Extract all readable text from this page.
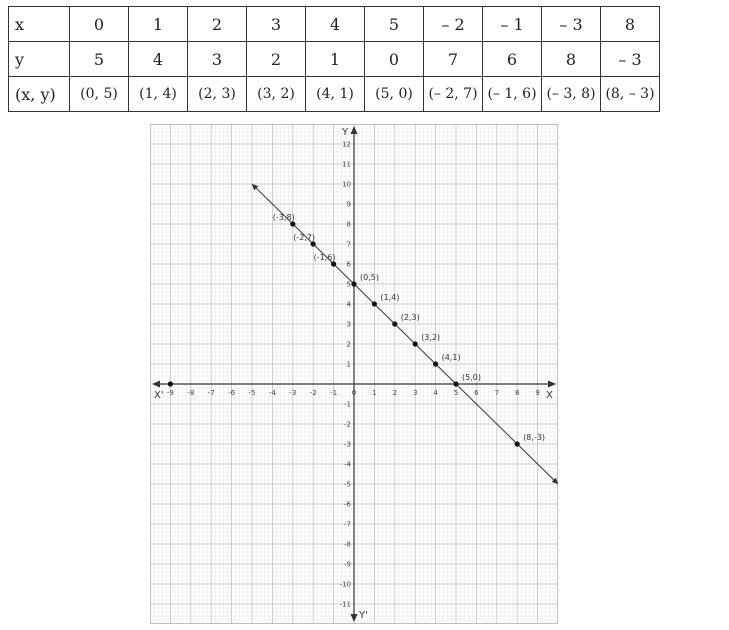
x	0	1	2	3	4	5	– 2	– 1	– 3	8
y	5	4	3	2	1	0	7	6	8	– 3
(x, y)	(0, 5)	(1, 4)	(2, 3)	(3, 2)	(4, 1)	(5, 0)	(– 2, 7)	(– 1, 6)	(– 3, 8)	(8, – 3)
X
X'
Y
Y'
-9 -8 -7 -6 -5 -4 -3 -2 -1 0 1 2 3 4 5 6 7 8 9
12
11
10
9
8
7
6
5
4
3
2
1
-1
-2
-3
-4
-5
-6
-7
-8
-9
-10
-11
(-3,8)
(-2,7)
(-1,6)
(0,5)
(1,4)
(2,3)
(3,2)
(4,1)
(5,0)
(8,-3)
